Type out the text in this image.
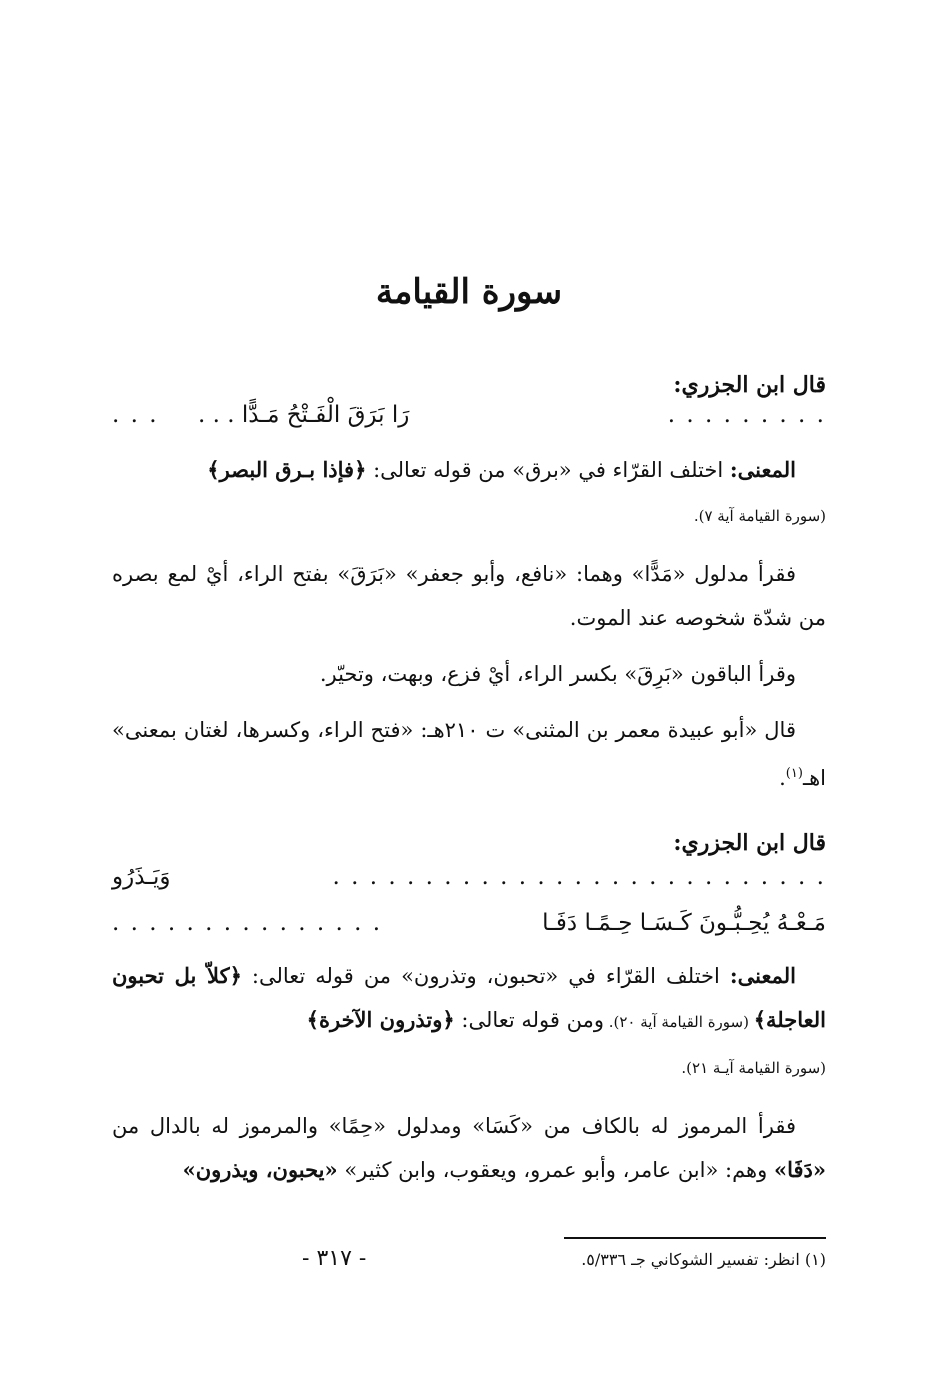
سورة القيامة

قال ابن الجزري:

. . . رَا بَرَقَ الْفَـتْحُ مَـدًّا . . .	. . . . . . . . .

المعنى: اختلف القرّاء في «برق» من قوله تعالى: ﴿فإذا بـرق البصر﴾
(سورة القيامة آية ٧).

فقرأ مدلول «مَدًّا» وهما: «نافع، وأبو جعفر» «بَرَقَ» بفتح الراء، أيْ لمع بصره من شدّة شخوصه عند الموت.

وقرأ الباقون «بَرِقَ» بكسر الراء، أيْ فزع، وبهت، وتحيّر.

قال «أبو عبيدة معمر بن المثنى» ت ٢١٠هـ: «فتح الراء، وكسرها، لغتان بمعنى» اهـ$^{(١)}$.

قال ابن الجزري:

وَيَـذَرُو	. . . . . . . . . . . . . . . . . . . . . . . . . . .
مَـعْـهُ يُحِـبُّـونَ كَـسَـا حِـمًـا دَفَـا
. . . . . . . . . . . . . . .

المعنى: اختلف القرّاء في «تحبون، وتذرون» من قوله تعالى: ﴿كلاّ بل تحبون العاجلة﴾ (سورة القيامة آية ٢٠). ومن قوله تعالى: ﴿وتذرون الآخرة﴾
(سورة القيامة آيـة ٢١).

فقرأ المرموز له بالكاف من «كَسَا» ومدلول «حِمًا» والمرموز له بالدال من «دَفَا» وهم: «ابن عامر، وأبو عمرو، ويعقوب، وابن كثير» «يحبون، ويذرون»

(١) انظر: تفسير الشوكاني جـ ٥/٣٣٦.
- ٣١٧ -
